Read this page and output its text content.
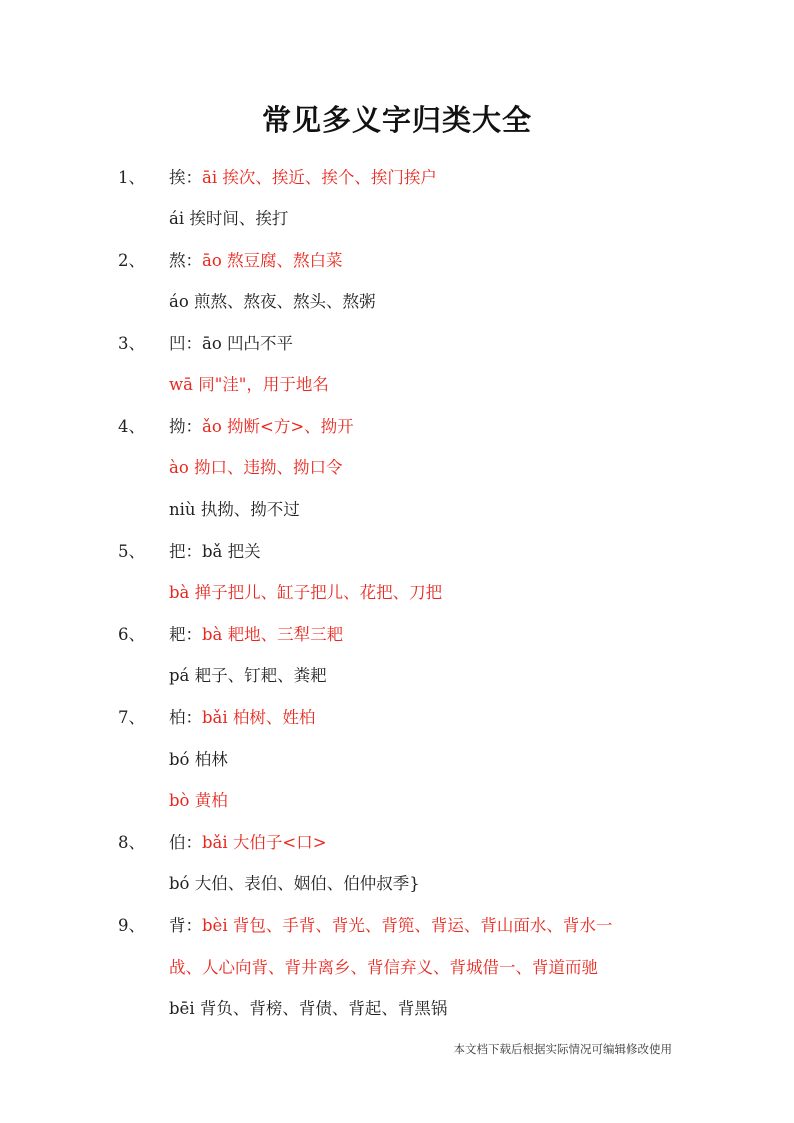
常见多义字归类大全
1、 挨：āi 挨次、挨近、挨个、挨门挨户
ái 挨时间、挨打
2、 熬：āo 熬豆腐、熬白菜
áo 煎熬、熬夜、熬头、熬粥
3、 凹：āo 凹凸不平
wā 同"洼"，用于地名
4、 拗：ǎo 拗断<方>、拗开
ào 拗口、违拗、拗口令
niù 执拗、拗不过
5、 把：bǎ 把关
bà 掸子把儿、缸子把儿、花把、刀把
6、 耙：bà 耙地、三犁三耙
pá 耙子、钉耙、粪耙
7、 柏：bǎi 柏树、姓柏
bó 柏林
bò 黄柏
8、 伯：bǎi 大伯子<口>
bó 大伯、表伯、姻伯、伯仲叔季}
9、 背：bèi 背包、手背、背光、背篼、背运、背山面水、背水一
战、人心向背、背井离乡、背信弃义、背城借一、背道而驰
bēi 背负、背榜、背债、背起、背黑锅
本文档下载后根据实际情况可编辑修改使用
